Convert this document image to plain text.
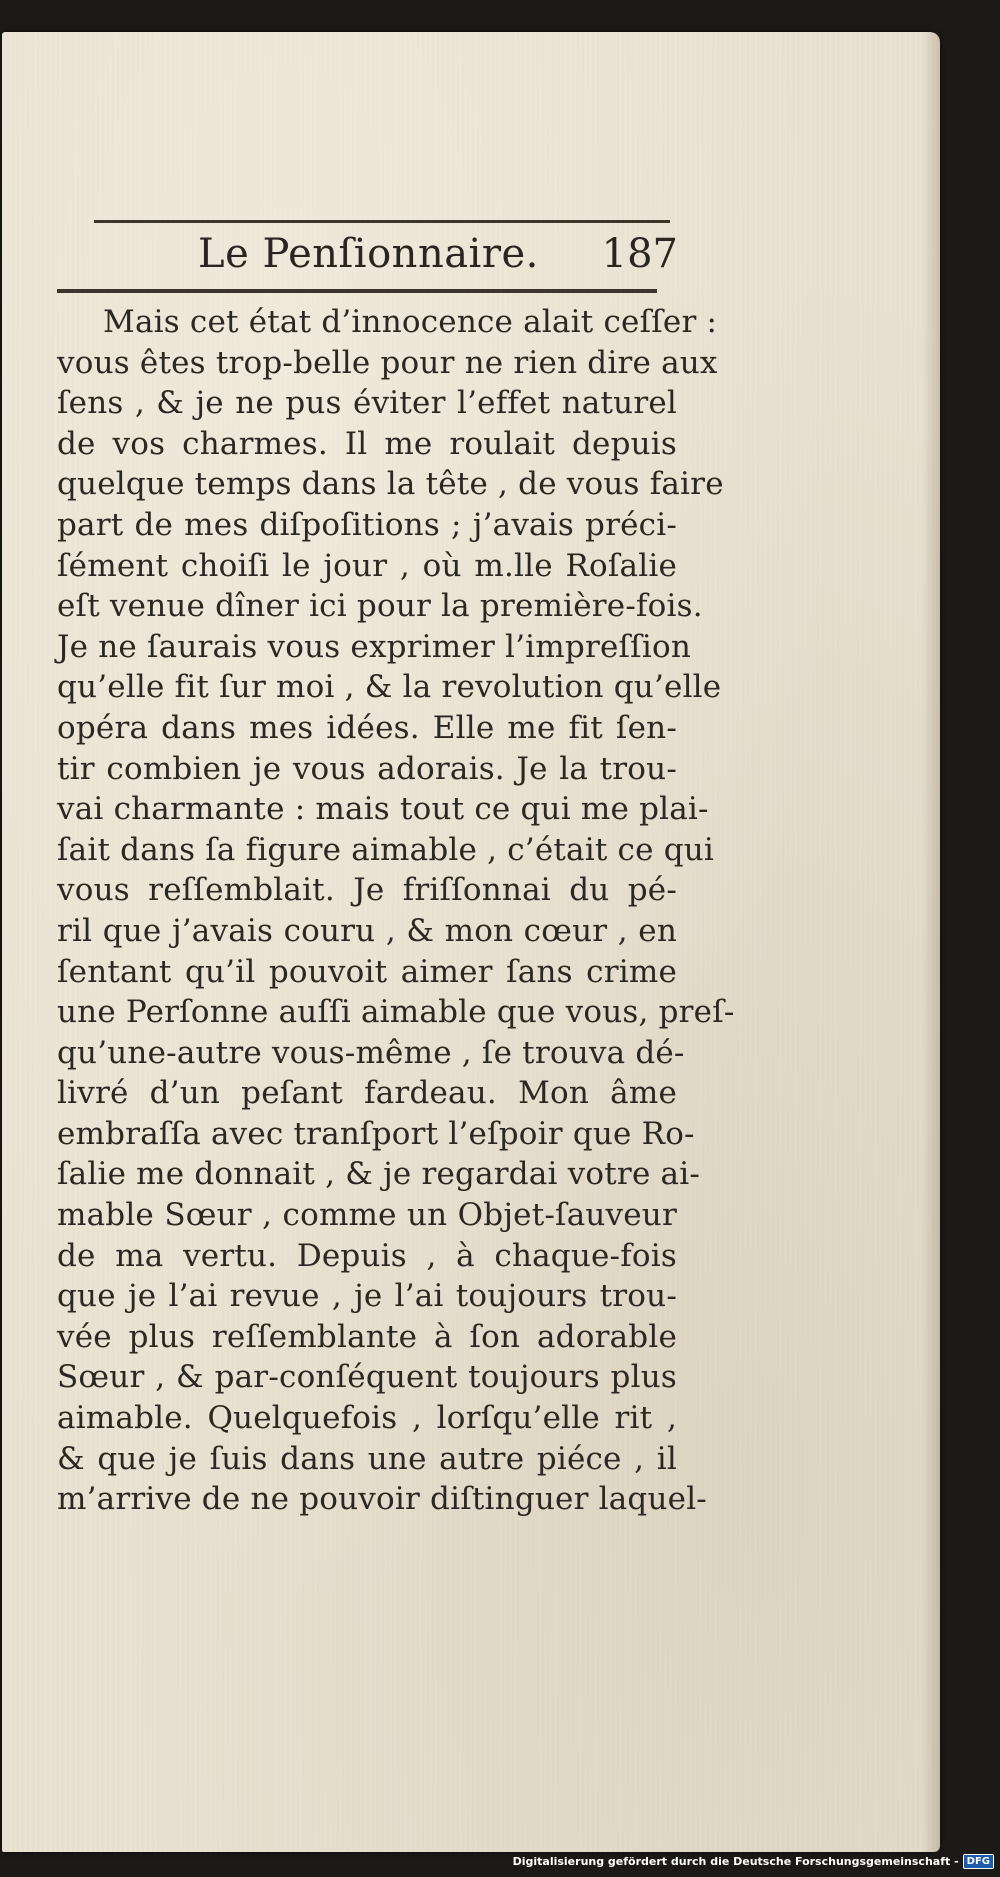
Le Penſionnaire. 187
Mais cet état d’innocence alait ceſſer :
vous êtes trop-belle pour ne rien dire aux
ſens , & je ne pus éviter l’effet naturel
de vos charmes. Il me roulait depuis
quelque temps dans la tête , de vous faire
part de mes diſpoſitions ; j’avais préci-
ſément choiſi le jour , où m.lle Roſalie
eſt venue dîner ici pour la première-fois.
Je ne ſaurais vous exprimer l’impreſſion
qu’elle fit ſur moi , & la revolution qu’elle
opéra dans mes idées. Elle me fit ſen-
tir combien je vous adorais. Je la trou-
vai charmante : mais tout ce qui me plai-
ſait dans ſa figure aimable , c’était ce qui
vous reſſemblait. Je friſſonnai du pé-
ril que j’avais couru , & mon cœur , en
ſentant qu’il pouvoit aimer ſans crime
une Perſonne auſſi aimable que vous, preſ-
qu’une-autre vous-même , ſe trouva dé-
livré d’un peſant fardeau. Mon âme
embraſſa avec tranſport l’eſpoir que Ro-
ſalie me donnait , & je regardai votre ai-
mable Sœur , comme un Objet-ſauveur
de ma vertu. Depuis , à chaque-fois
que je l’ai revue , je l’ai toujours trou-
vée plus reſſemblante à ſon adorable
Sœur , & par-conſéquent toujours plus
aimable. Quelquefois , lorſqu’elle rit ,
& que je ſuis dans une autre piéce , il
m’arrive de ne pouvoir diſtinguer laquel-
Digitalisierung gefördert durch die Deutsche Forschungsgemeinschaft - DFG
